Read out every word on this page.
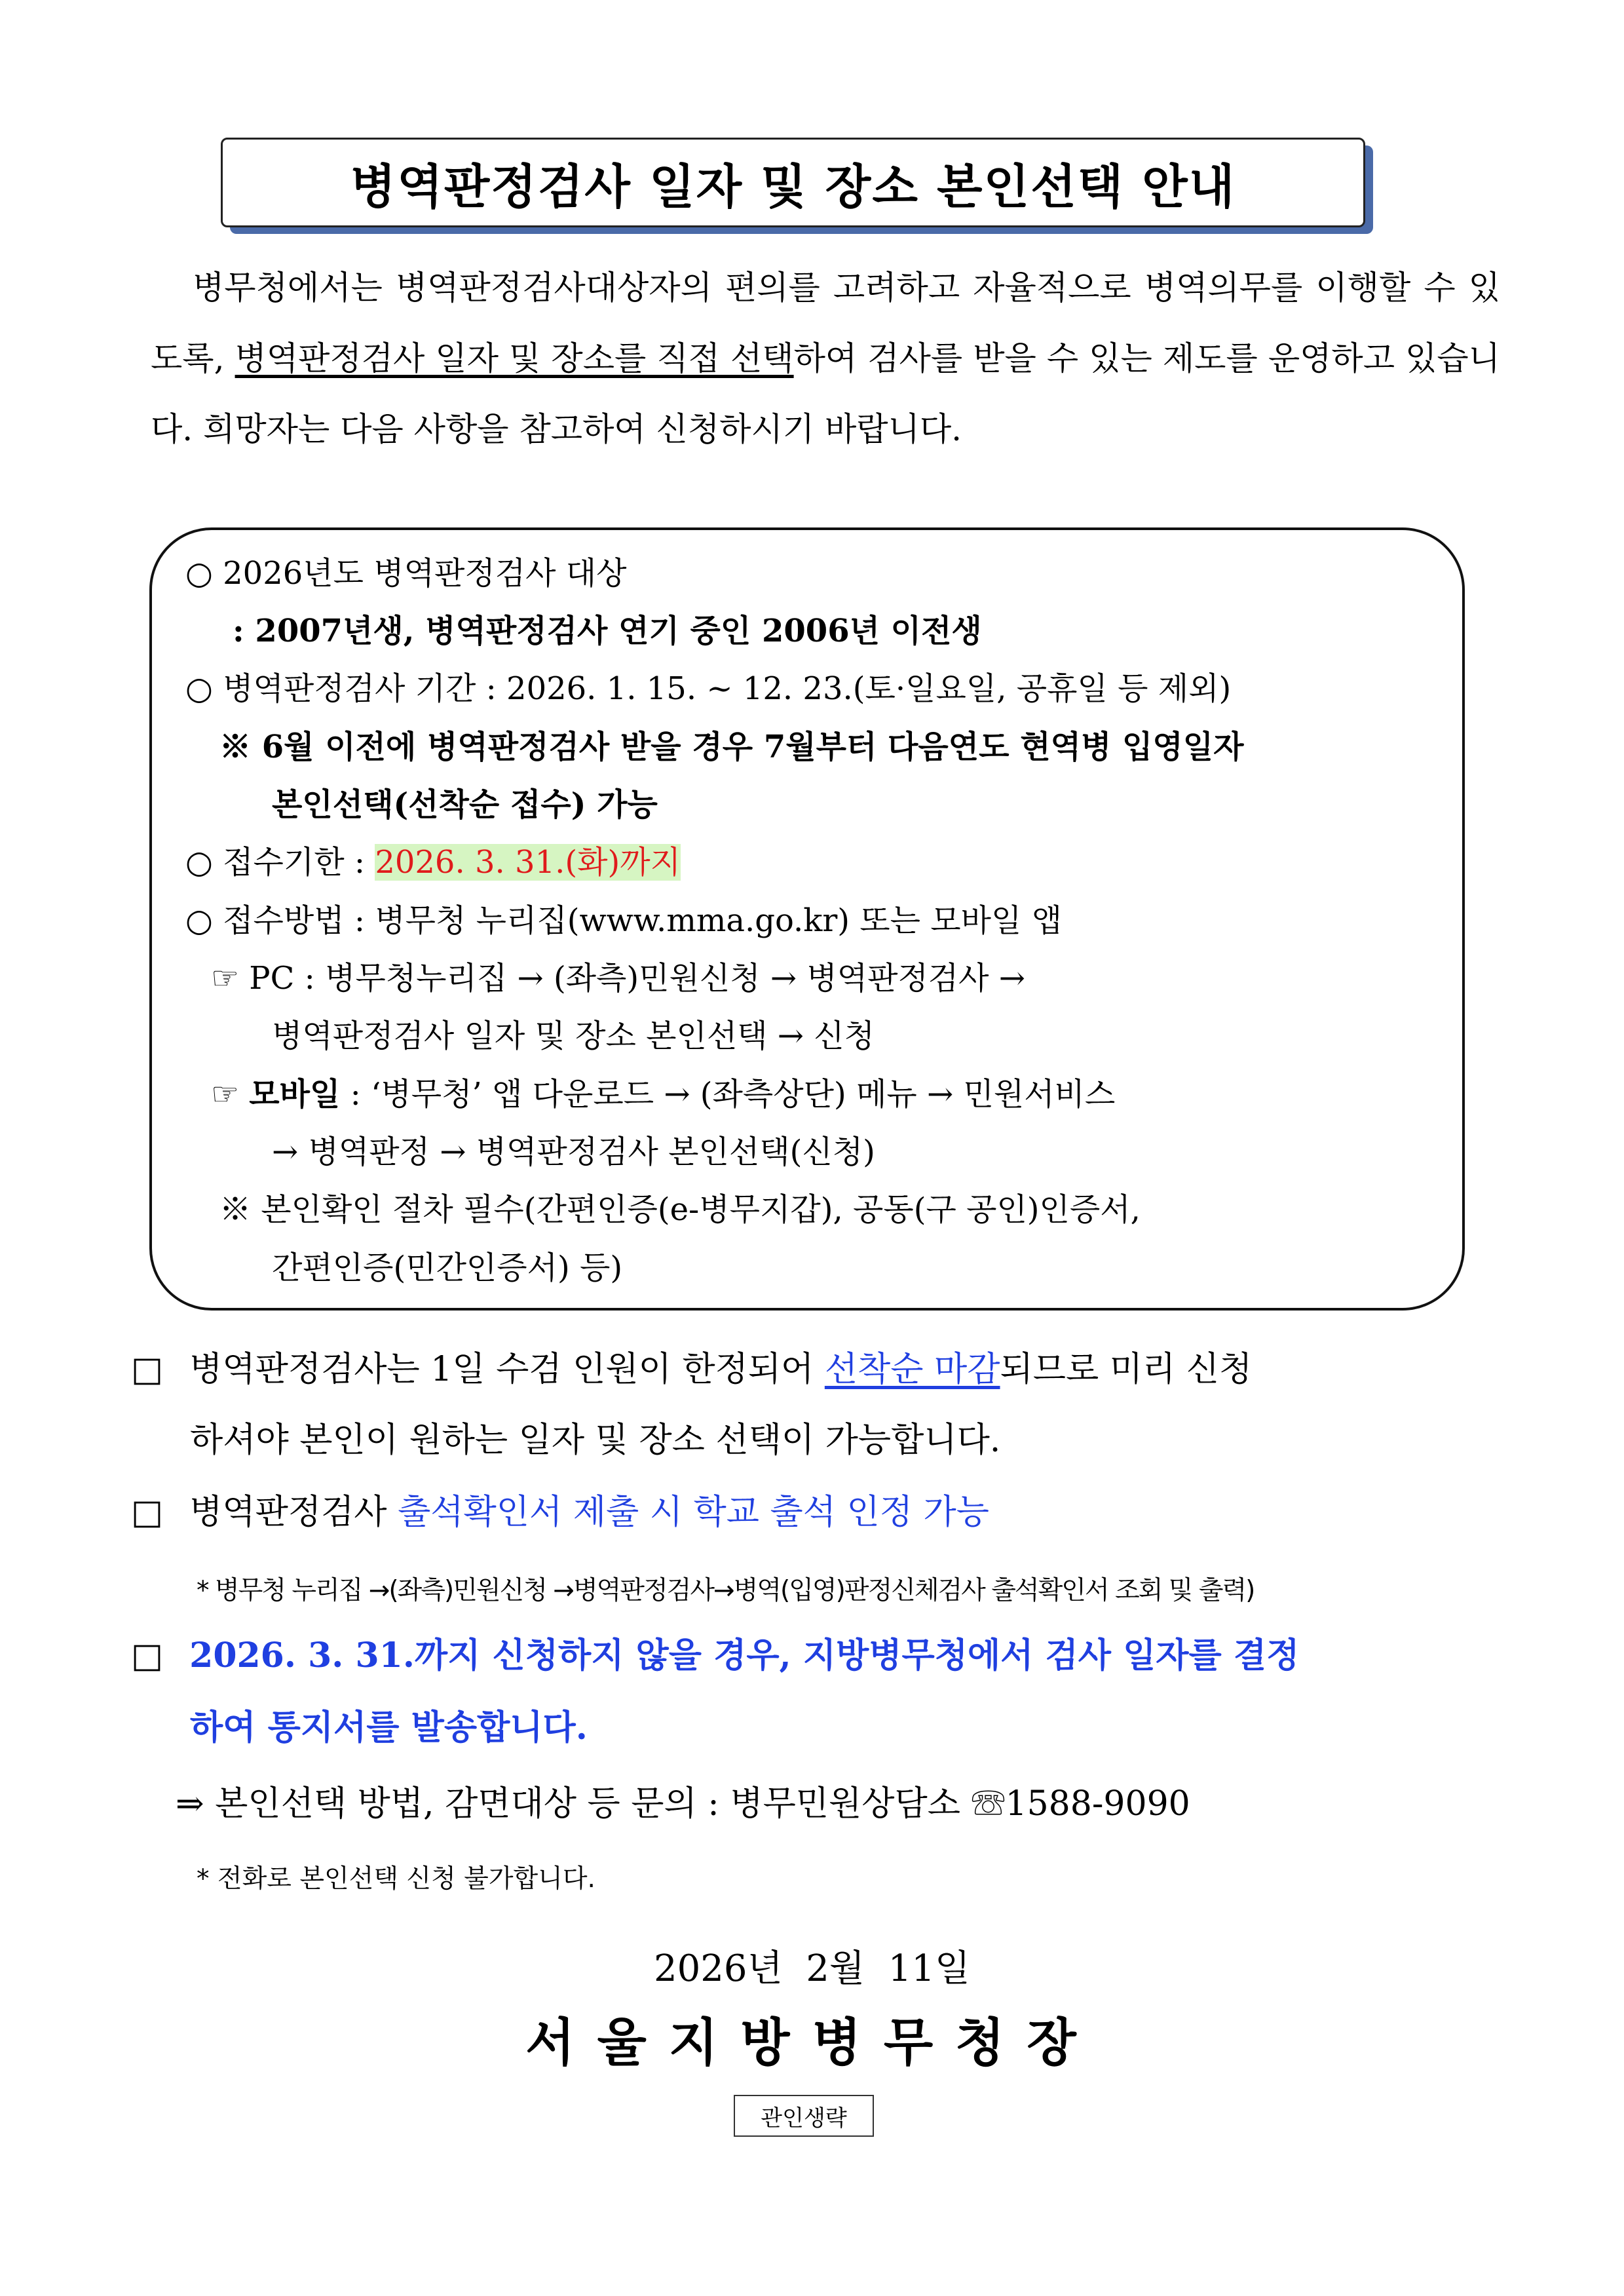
병역판정검사 일자 및 장소 본인선택 안내
병무청에서는 병역판정검사대상자의 편의를 고려하고 자율적으로 병역의무를 이행할 수 있도록, 병역판정검사 일자 및 장소를 직접 선택하여 검사를 받을 수 있는 제도를 운영하고 있습니다. 희망자는 다음 사항을 참고하여 신청하시기 바랍니다.
○ 2026년도 병역판정검사 대상
: 2007년생, 병역판정검사 연기 중인 2006년 이전생
○ 병역판정검사 기간 : 2026. 1. 15. ~ 12. 23.(토·일요일, 공휴일 등 제외)
※ 6월 이전에 병역판정검사 받을 경우 7월부터 다음연도 현역병 입영일자
본인선택(선착순 접수) 가능
○ 접수기한 : 2026. 3. 31.(화)까지
○ 접수방법 : 병무청 누리집(www.mma.go.kr) 또는 모바일 앱
☞ PC : 병무청누리집 → (좌측)민원신청 → 병역판정검사 →
병역판정검사 일자 및 장소 본인선택 → 신청
☞ 모바일 : ‘병무청’ 앱 다운로드 → (좌측상단) 메뉴 → 민원서비스
→ 병역판정 → 병역판정검사 본인선택(신청)
※ 본인확인 절차 필수(간편인증(e-병무지갑), 공동(구 공인)인증서,
간편인증(민간인증서) 등)
□ 병역판정검사는 1일 수검 인원이 한정되어 선착순 마감되므로 미리 신청
하셔야 본인이 원하는 일자 및 장소 선택이 가능합니다.
□ 병역판정검사 출석확인서 제출 시 학교 출석 인정 가능
* 병무청 누리집 →(좌측)민원신청 →병역판정검사→병역(입영)판정신체검사 출석확인서 조회 및 출력)
□ 2026. 3. 31.까지 신청하지 않을 경우, 지방병무청에서 검사 일자를 결정
하여 통지서를 발송합니다.
⇒ 본인선택 방법, 감면대상 등 문의 : 병무민원상담소 ☏1588-9090
* 전화로 본인선택 신청 불가합니다.
2026년  2월  11일
서울지방병무청장
관인생략
